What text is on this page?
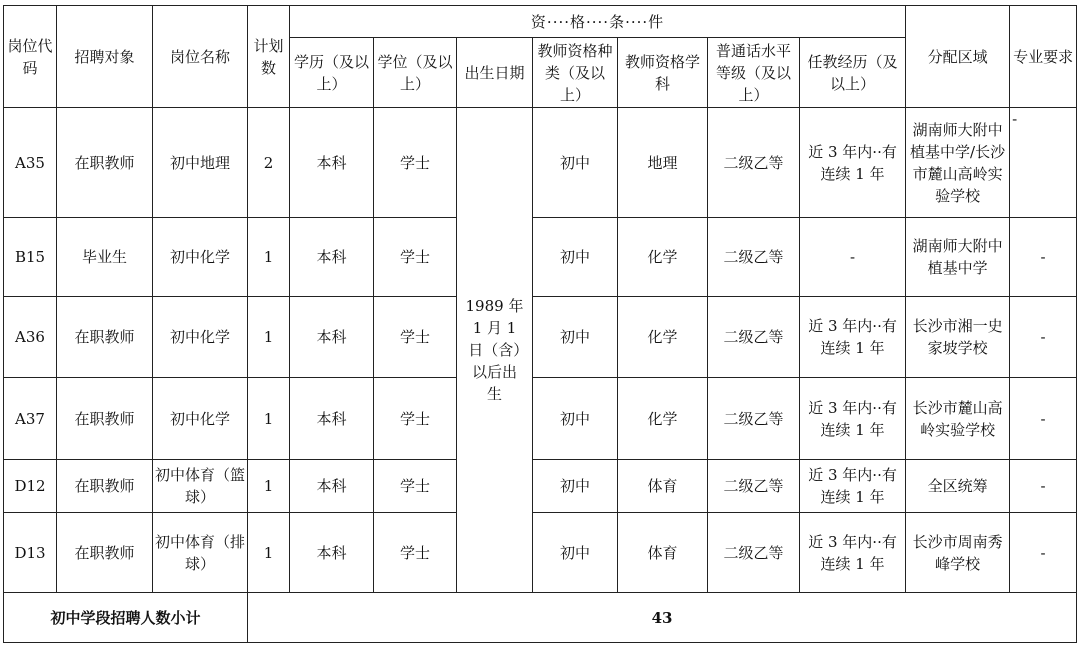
岗位代码	招聘对象	岗位名称	计划数	资····格····条····件							分配区域	专业要求
				学历（及以上）	学位（及以上）	出生日期	教师资格种类（及以上）	教师资格学科	普通话水平等级（及以上）	任教经历（及以上）		
A35	在职教师	初中地理	2	本科	学士	1989 年 1 月 1 日（含）以后出生	初中	地理	二级乙等	近 3 年内··有连续 1 年	湖南师大附中植基中学/长沙市麓山高岭实验学校	-
B15	毕业生	初中化学	1	本科	学士		初中	化学	二级乙等	-	湖南师大附中植基中学	-
A36	在职教师	初中化学	1	本科	学士		初中	化学	二级乙等	近 3 年内··有连续 1 年	长沙市湘一史家坡学校	-
A37	在职教师	初中化学	1	本科	学士		初中	化学	二级乙等	近 3 年内··有连续 1 年	长沙市麓山高岭实验学校	-
D12	在职教师	初中体育（篮球）	1	本科	学士		初中	体育	二级乙等	近 3 年内··有连续 1 年	全区统筹	-
D13	在职教师	初中体育（排球）	1	本科	学士		初中	体育	二级乙等	近 3 年内··有连续 1 年	长沙市周南秀峰学校	-
初中学段招聘人数小计			43									
